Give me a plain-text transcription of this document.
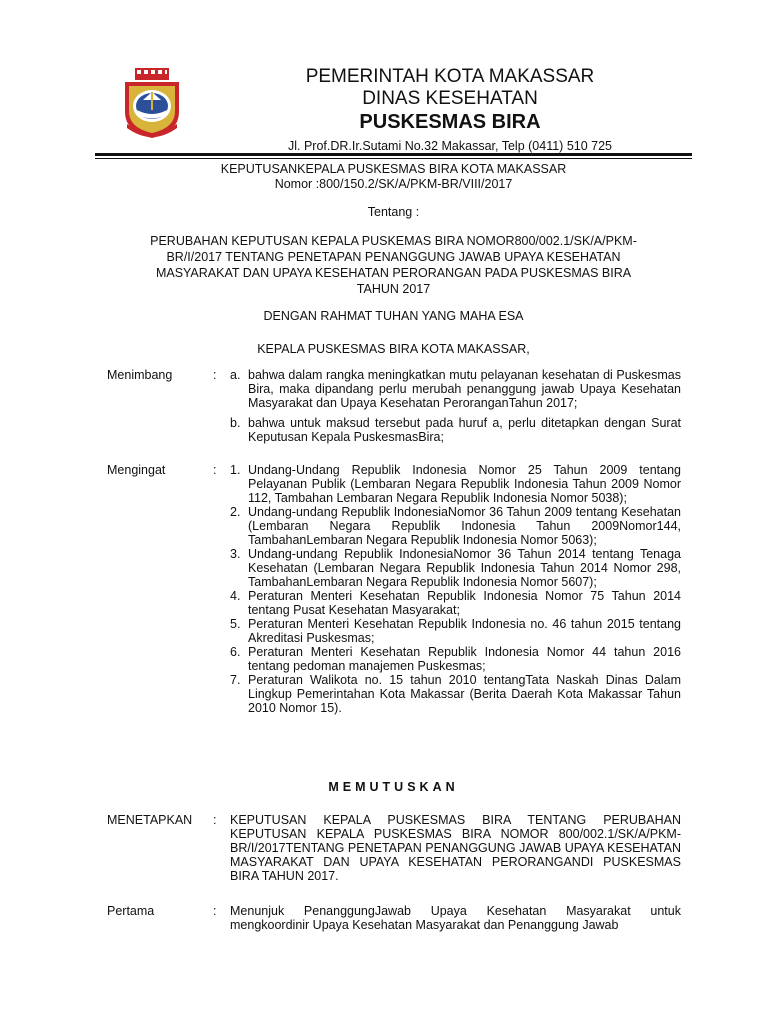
PEMERINTAH KOTA MAKASSAR
DINAS KESEHATAN
PUSKESMAS BIRA
Jl. Prof.DR.Ir.Sutami No.32 Makassar, Telp (0411) 510 725
KEPUTUSANKEPALA PUSKESMAS BIRA KOTA MAKASSAR
Nomor :800/150.2/SK/A/PKM-BR/VIII/2017
Tentang :
PERUBAHAN KEPUTUSAN KEPALA PUSKEMAS BIRA NOMOR800/002.1/SK/A/PKM-
BR/I/2017 TENTANG PENETAPAN PENANGGUNG JAWAB UPAYA KESEHATAN
MASYARAKAT DAN UPAYA KESEHATAN PERORANGAN PADA PUSKESMAS BIRA
TAHUN 2017
DENGAN RAHMAT TUHAN YANG MAHA ESA
KEPALA PUSKESMAS BIRA KOTA MAKASSAR,
Menimbang	: a. bahwa dalam rangka meningkatkan mutu pelayanan kesehatan di Puskesmas Bira, maka dipandang perlu merubah penanggung jawab Upaya Kesehatan Masyarakat dan Upaya Kesehatan PeroranganTahun 2017;
b. bahwa untuk maksud tersebut pada huruf a, perlu ditetapkan dengan Surat Keputusan Kepala PuskesmasBira;
Mengingat	: 1. Undang-Undang Republik Indonesia Nomor 25 Tahun 2009 tentang Pelayanan Publik (Lembaran Negara Republik Indonesia Tahun 2009 Nomor 112, Tambahan Lembaran Negara Republik Indonesia Nomor 5038);
2. Undang-undang Republik IndonesiaNomor 36 Tahun 2009 tentang Kesehatan (Lembaran Negara Republik Indonesia Tahun 2009Nomor144, TambahanLembaran Negara Republik Indonesia Nomor 5063);
3. Undang-undang Republik IndonesiaNomor 36 Tahun 2014 tentang Tenaga Kesehatan (Lembaran Negara Republik Indonesia Tahun 2014 Nomor 298, TambahanLembaran Negara Republik Indonesia Nomor 5607);
4. Peraturan Menteri Kesehatan Republik Indonesia Nomor 75 Tahun 2014 tentang Pusat Kesehatan Masyarakat;
5. Peraturan Menteri Kesehatan Republik Indonesia no. 46 tahun 2015 tentang Akreditasi Puskesmas;
6. Peraturan Menteri Kesehatan Republik Indonesia Nomor 44 tahun 2016 tentang pedoman manajemen Puskesmas;
7. Peraturan Walikota no. 15 tahun 2010 tentangTata Naskah Dinas Dalam Lingkup Pemerintahan Kota Makassar (Berita Daerah Kota Makassar Tahun 2010 Nomor 15).
MEMUTUSKAN
MENETAPKAN : KEPUTUSAN KEPALA PUSKESMAS BIRA TENTANG PERUBAHAN KEPUTUSAN KEPALA PUSKESMAS BIRA NOMOR 800/002.1/SK/A/PKM-BR/I/2017TENTANG PENETAPAN PENANGGUNG JAWAB UPAYA KESEHATAN MASYARAKAT DAN UPAYA KESEHATAN PERORANGANDI PUSKESMAS BIRA TAHUN 2017.
Pertama	: Menunjuk PenanggungJawab Upaya Kesehatan Masyarakat untuk mengkoordinir Upaya Kesehatan Masyarakat dan Penanggung Jawab
